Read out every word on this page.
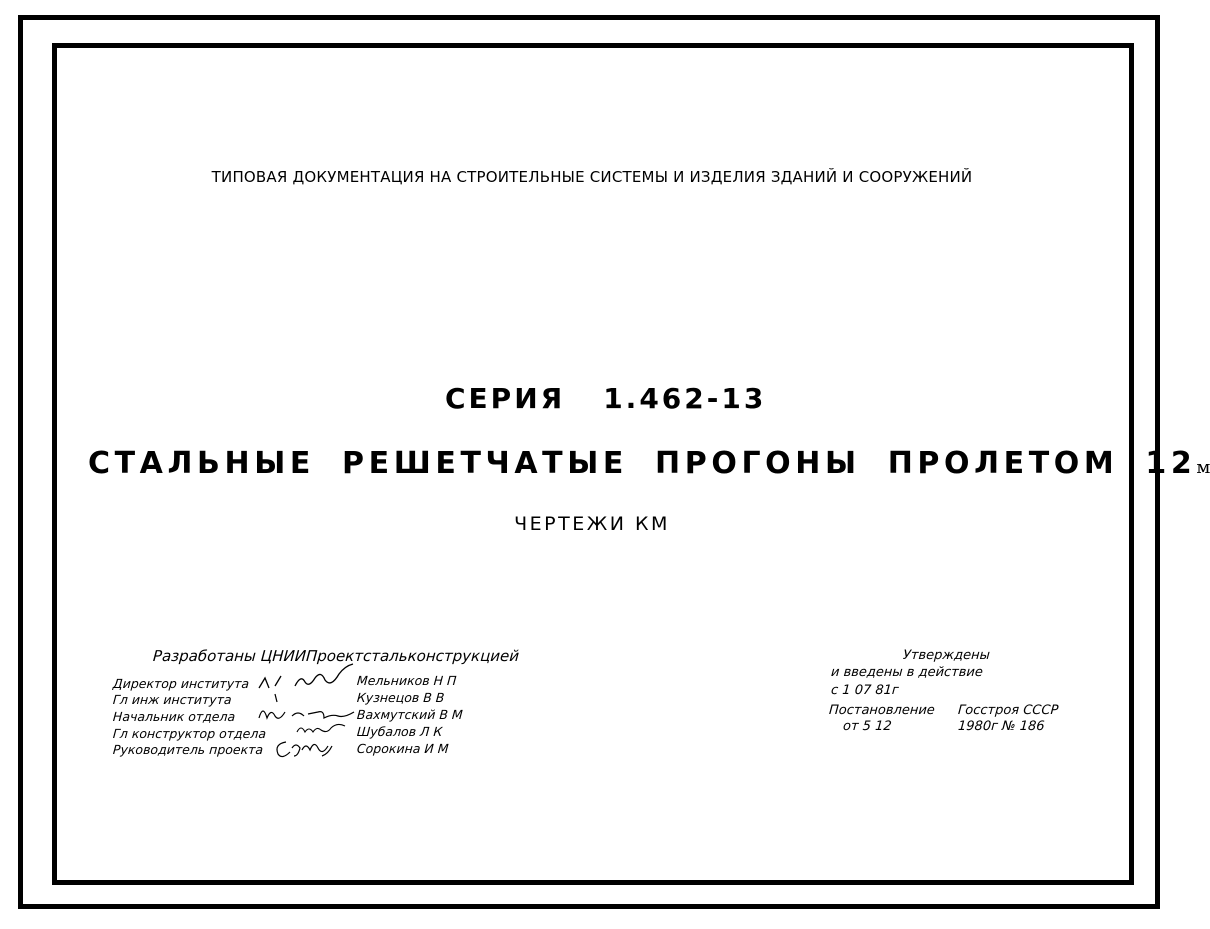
ТИПОВАЯ ДОКУМЕНТАЦИЯ НА СТРОИТЕЛЬНЫЕ СИСТЕМЫ И ИЗДЕЛИЯ ЗДАНИЙ И СООРУЖЕНИЙ
СЕРИЯ 1.462-13
СТАЛЬНЫЕ РЕШЕТЧАТЫЕ ПРОГОНЫ ПРОЛЕТОМ 12м
ЧЕРТЕЖИ КМ
Разработаны ЦНИИПроектстальконструкцией
Директор института
Гл инж института
Начальник отдела
Гл конструктор отдела
Руководитель проекта
Мельников Н П
Кузнецов В В
Вахмутский В М
Шубалов Л К
Сорокина И М
Утверждены
и введены в действие
с 1 07 81г
Постановление Госстроя СССР
от 5 12	1980г № 186
